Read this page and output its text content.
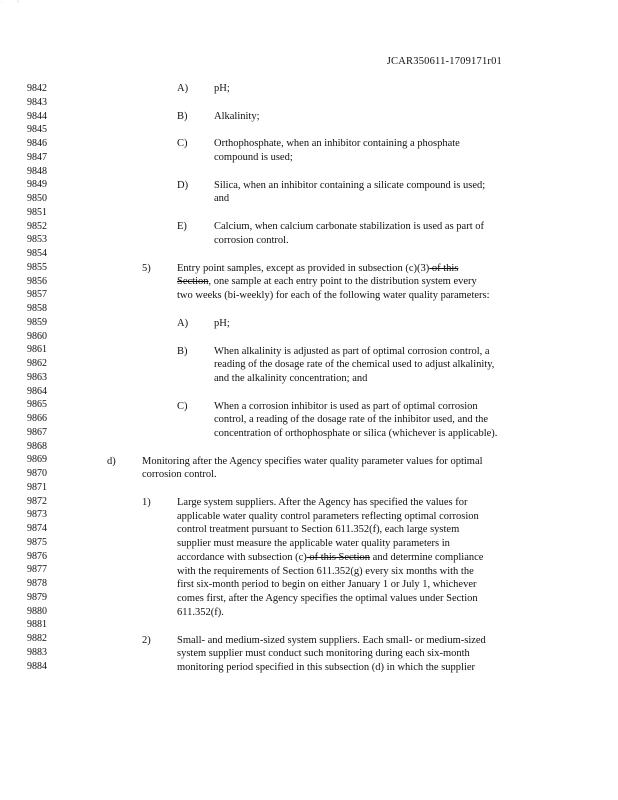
˙       ˚
JCAR350611-1709171r01
9842
9843
9844
9845
9846
9847
9848
9849
9850
9851
9852
9853
9854
9855
9856
9857
9858
9859
9860
9861
9862
9863
9864
9865
9866
9867
9868
9869
9870
9871
9872
9873
9874
9875
9876
9877
9878
9879
9880
9881
9882
9883
9884
A) pH;
B)	Alkalinity;
C)	Orthophosphate, when an inhibitor containing a phosphate
compound is used;
D) Silica, when an inhibitor containing a silicate compound is used;
and
E)	Calcium, when calcium carbonate stabilization is used as part of
corrosion control.
5)	Entry point samples, except as provided in subsection (c)(3) of this
Section, one sample at each entry point to the distribution system every
two weeks (bi-weekly) for each of the following water quality parameters:
A) pH;
B)	When alkalinity is adjusted as part of optimal corrosion control, a
reading of the dosage rate of the chemical used to adjust alkalinity,
and the alkalinity concentration; and
C)	When a corrosion inhibitor is used as part of optimal corrosion
control, a reading of the dosage rate of the inhibitor used, and the
concentration of orthophosphate or silica (whichever is applicable).
d)	Monitoring after the Agency specifies water quality parameter values for optimal
corrosion control.
1)	Large system suppliers. After the Agency has specified the values for
applicable water quality control parameters reflecting optimal corrosion
control treatment pursuant to Section 611.352(f), each large system
supplier must measure the applicable water quality parameters in
accordance with subsection (c) of this Section and determine compliance
with the requirements of Section 611.352(g) every six months with the
first six-month period to begin on either January 1 or July 1, whichever
comes first, after the Agency specifies the optimal values under Section
611.352(f).
2)	Small- and medium-sized system suppliers. Each small- or medium-sized
system supplier must conduct such monitoring during each six-month
monitoring period specified in this subsection (d) in which the supplier
